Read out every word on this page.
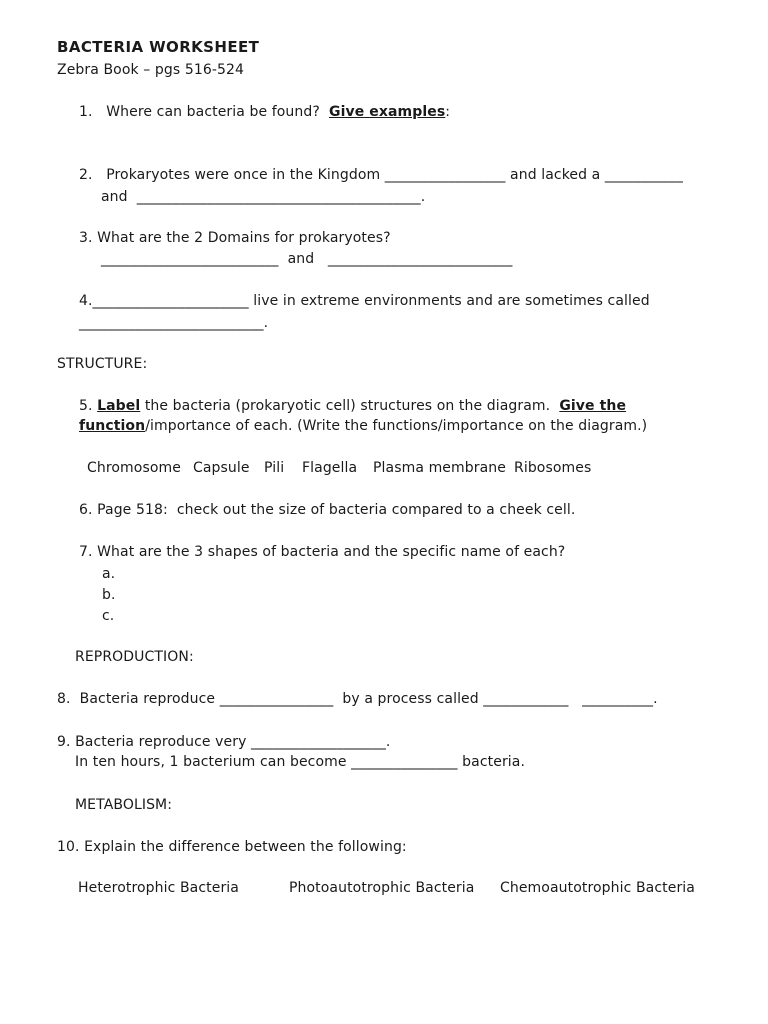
BACTERIA WORKSHEET
Zebra Book – pgs 516-524
1.   Where can bacteria be found?  Give examples:
2.   Prokaryotes were once in the Kingdom _________________ and lacked a ___________
and  ________________________________________.
3. What are the 2 Domains for prokaryotes?
_________________________  and   __________________________
4.______________________ live in extreme environments and are sometimes called
__________________________.
STRUCTURE:
5. Label the bacteria (prokaryotic cell) structures on the diagram.  Give the
function/importance of each. (Write the functions/importance on the diagram.)
Chromosome Capsule Pili Flagella Plasma membrane Ribosomes
6. Page 518:  check out the size of bacteria compared to a cheek cell.
7. What are the 3 shapes of bacteria and the specific name of each?
a.
b.
c.
REPRODUCTION:
8.  Bacteria reproduce ________________  by a process called ____________   __________.
9. Bacteria reproduce very ___________________.
In ten hours, 1 bacterium can become _______________ bacteria.
METABOLISM:
10. Explain the difference between the following:
Heterotrophic Bacteria	Photoautotrophic Bacteria Chemoautotrophic Bacteria
